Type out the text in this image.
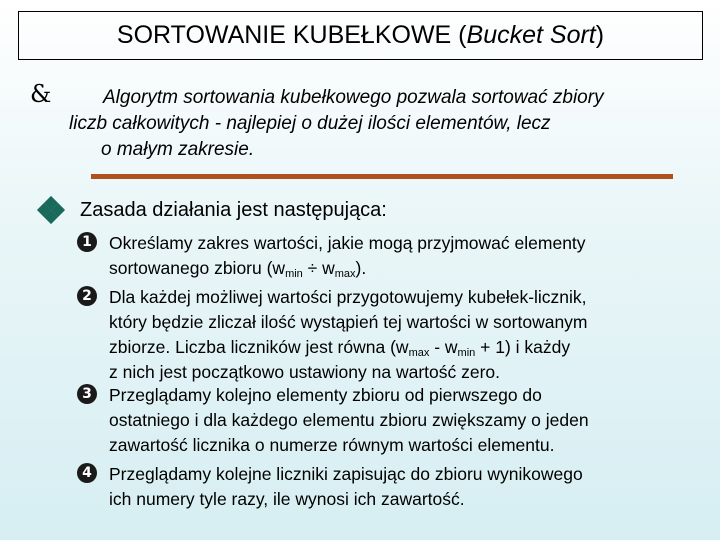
SORTOWANIE KUBEŁKOWE ( Bucket Sort )
&	Algorytm sortowania kubełkowego pozwala sortować zbiory
liczb całkowitych - najlepiej o dużej ilości elementów, lecz
o małym zakresie.
Zasada działania jest następująca:
1 Określamy zakres wartości, jakie mogą przyjmować elementy
sortowanego zbioru $(w_{min} \div w_{max})$.
2 Dla każdej możliwej wartości przygotowujemy kubełek-licznik,
który będzie zliczał ilość wystąpień tej wartości w sortowanym
zbiorze. Liczba liczników jest równa $(w_{max} - w_{min} + 1)$ i każdy
z nich jest początkowo ustawiony na wartość zero.
3 Przeglądamy kolejno elementy zbioru od pierwszego do
ostatniego i dla każdego elementu zbioru zwiększamy o jeden
zawartość licznika o numerze równym wartości elementu.
4 Przeglądamy kolejne liczniki zapisując do zbioru wynikowego
ich numery tyle razy, ile wynosi ich zawartość.
